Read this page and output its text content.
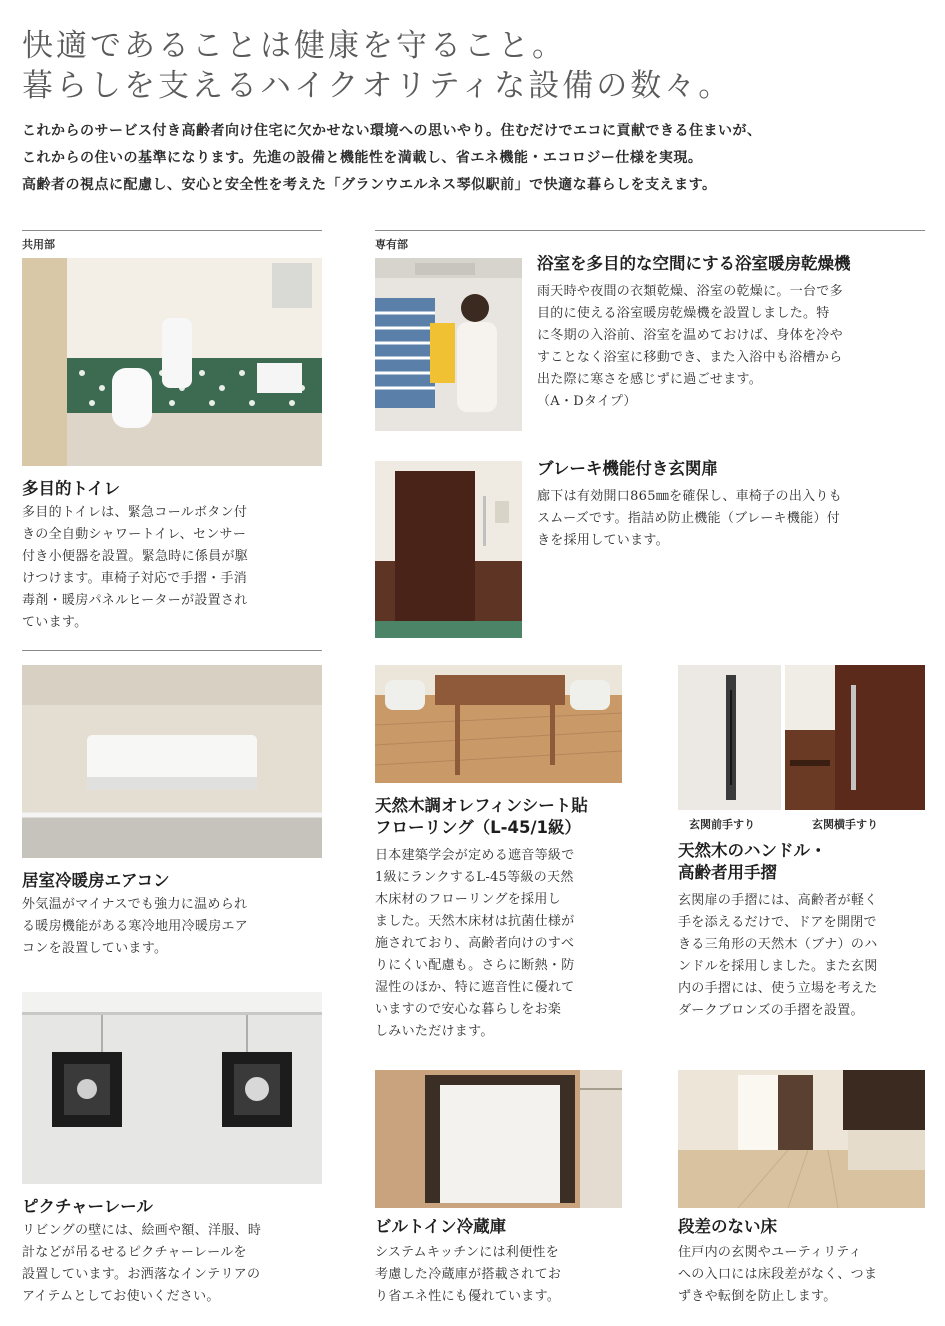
快適であることは健康を守ること。
暮らしを支えるハイクオリティな設備の数々。

これからのサービス付き高齢者向け住宅に欠かせない環境への思いやり。住むだけでエコに貢献できる住まいが、

これからの住いの基準になります。先進の設備と機能性を満載し、省エネ機能・エコロジー仕様を実現。

高齢者の視点に配慮し、安心と安全性を考えた「グランウエルネス琴似駅前」で快適な暮らしを支えます。

共用部	専有部
多目的トイレ

多目的トイレは、緊急コールボタン付

きの全自動シャワートイレ、センサー

付き小便器を設置。緊急時に係員が駆

けつけます。車椅子対応で手摺・手消

毒剤・暖房パネルヒーターが設置され

ています。

浴室を多目的な空間にする浴室暖房乾燥機

雨天時や夜間の衣類乾燥、浴室の乾燥に。一台で多

目的に使える浴室暖房乾燥機を設置しました。特

に冬期の入浴前、浴室を温めておけば、身体を冷や

すことなく浴室に移動でき、また入浴中も浴槽から

出た際に寒さを感じずに過ごせます。

（A・Dタイプ）

ブレーキ機能付き玄関扉

廊下は有効開口865㎜を確保し、車椅子の出入りも

スムーズです。指詰め防止機能（ブレーキ機能）付

きを採用しています。

居室冷暖房エアコン

外気温がマイナスでも強力に温められ

る暖房機能がある寒冷地用冷暖房エア

コンを設置しています。

天然木調オレフィンシート貼
フローリング（L-45/1級）

日本建築学会が定める遮音等級で

1級にランクするL-45等級の天然

木床材のフローリングを採用し

ました。天然木床材は抗菌仕様が

施されており、高齢者向けのすべ

りにくい配慮も。さらに断熱・防

湿性のほか、特に遮音性に優れて

いますので安心な暮らしをお楽

しみいただけます。

玄関前手すり	玄関横手すり
天然木のハンドル・
高齢者用手摺

玄関扉の手摺には、高齢者が軽く

手を添えるだけで、ドアを開閉で

きる三角形の天然木（ブナ）のハ

ンドルを採用しました。また玄関

内の手摺には、使う立場を考えた

ダークブロンズの手摺を設置。

ピクチャーレール

リビングの壁には、絵画や額、洋服、時

計などが吊るせるピクチャーレールを

設置しています。お洒落なインテリアの

アイテムとしてお使いください。

ビルトイン冷蔵庫

システムキッチンには利便性を

考慮した冷蔵庫が搭載されてお

り省エネ性にも優れています。

段差のない床

住戸内の玄関やユーティリティ

への入口には床段差がなく、つま

ずきや転倒を防止します。
